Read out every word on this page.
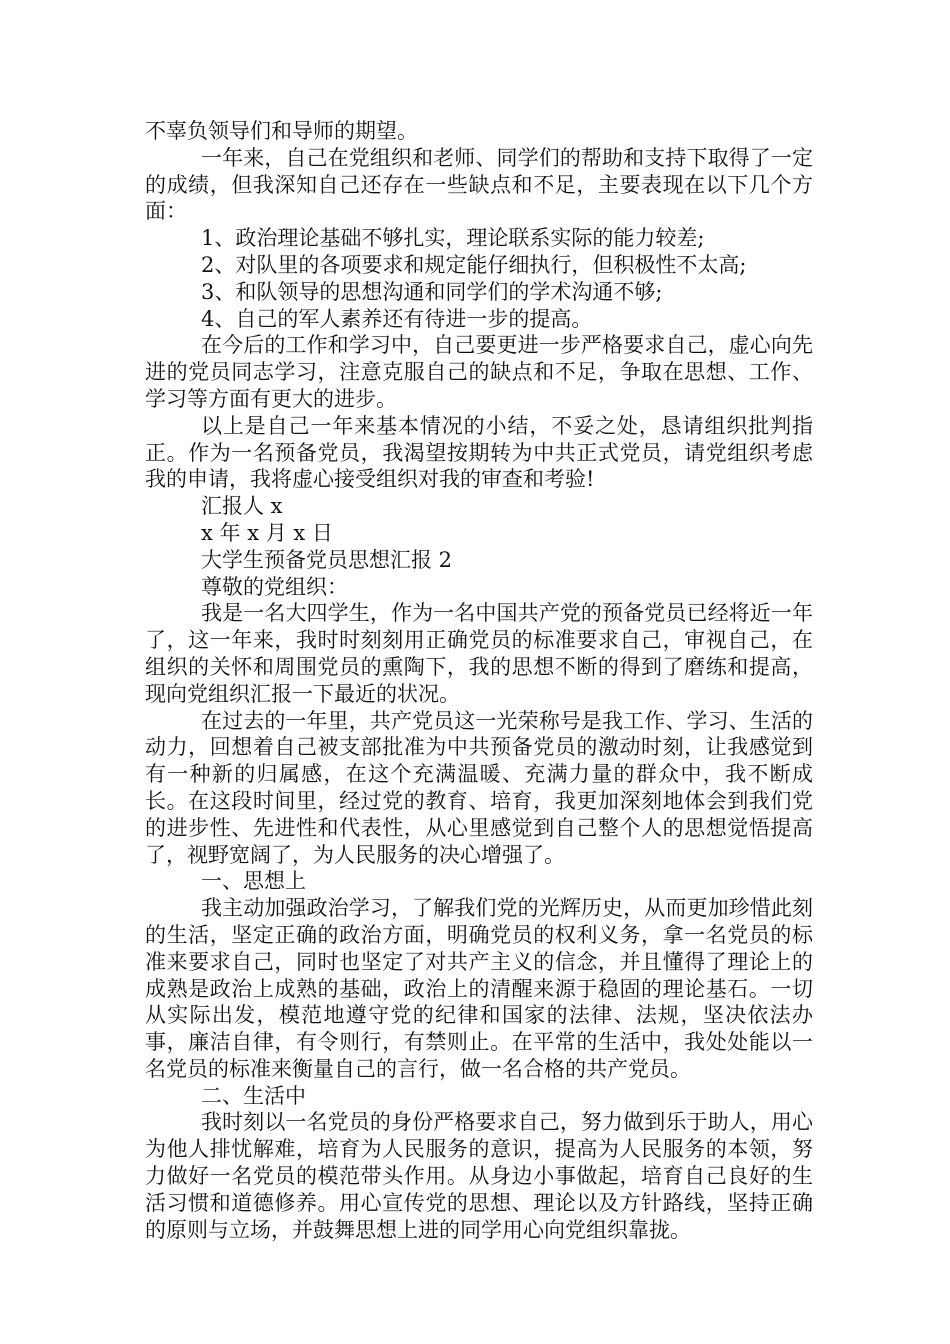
不辜负领导们和导师的期望。

一年来，自己在党组织和老师、同学们的帮助和支持下取得了一定的成绩，但我深知自己还存在一些缺点和不足，主要表现在以下几个方面：

1、政治理论基础不够扎实，理论联系实际的能力较差;

2、对队里的各项要求和规定能仔细执行，但积极性不太高;

3、和队领导的思想沟通和同学们的学术沟通不够;

4、自己的军人素养还有待进一步的提高。

在今后的工作和学习中，自己要更进一步严格要求自己，虚心向先进的党员同志学习，注意克服自己的缺点和不足，争取在思想、工作、学习等方面有更大的进步。

以上是自己一年来基本情况的小结，不妥之处，恳请组织批判指正。作为一名预备党员，我渴望按期转为中共正式党员，请党组织考虑我的申请，我将虚心接受组织对我的审查和考验!

汇报人 x

x 年 x 月 x 日

大学生预备党员思想汇报 2

尊敬的党组织：

我是一名大四学生，作为一名中国共产党的预备党员已经将近一年了，这一年来，我时时刻刻用正确党员的标准要求自己，审视自己，在组织的关怀和周围党员的熏陶下，我的思想不断的得到了磨练和提高，现向党组织汇报一下最近的状况。

在过去的一年里，共产党员这一光荣称号是我工作、学习、生活的动力，回想着自己被支部批准为中共预备党员的激动时刻，让我感觉到有一种新的归属感，在这个充满温暖、充满力量的群众中，我不断成长。在这段时间里，经过党的教育、培育，我更加深刻地体会到我们党的进步性、先进性和代表性，从心里感觉到自己整个人的思想觉悟提高了，视野宽阔了，为人民服务的决心增强了。

一、思想上

我主动加强政治学习，了解我们党的光辉历史，从而更加珍惜此刻的生活，坚定正确的政治方面，明确党员的权利义务，拿一名党员的标准来要求自己，同时也坚定了对共产主义的信念，并且懂得了理论上的成熟是政治上成熟的基础，政治上的清醒来源于稳固的理论基石。一切从实际出发，模范地遵守党的纪律和国家的法律、法规，坚决依法办事，廉洁自律，有令则行，有禁则止。在平常的生活中，我处处能以一名党员的标准来衡量自己的言行，做一名合格的共产党员。

二、生活中

我时刻以一名党员的身份严格要求自己，努力做到乐于助人，用心为他人排忧解难，培育为人民服务的意识，提高为人民服务的本领，努力做好一名党员的模范带头作用。从身边小事做起，培育自己良好的生活习惯和道德修养。用心宣传党的思想、理论以及方针路线，坚持正确的原则与立场，并鼓舞思想上进的同学用心向党组织靠拢。
